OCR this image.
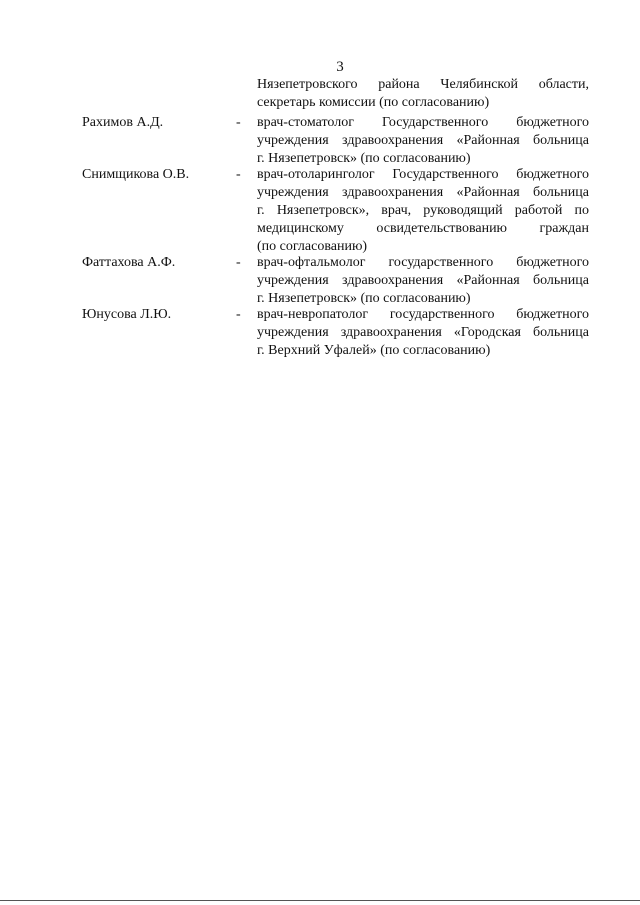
3
Нязепетровского района Челябинской области,
секретарь комиссии (по согласованию)
Рахимов А.Д.	- врач-стоматолог Государственного бюджетного
учреждения здравоохранения «Районная больница
г. Нязепетровск» (по согласованию)
Снимщикова О.В.	- врач-отоларинголог Государственного бюджетного
учреждения здравоохранения «Районная больница
г. Нязепетровск», врач, руководящий работой по
медицинскому освидетельствованию граждан
(по согласованию)
Фаттахова А.Ф.	- врач-офтальмолог государственного бюджетного
учреждения здравоохранения «Районная больница
г. Нязепетровск» (по согласованию)
Юнусова Л.Ю.	- врач-невропатолог государственного бюджетного
учреждения здравоохранения «Городская больница
г. Верхний Уфалей» (по согласованию)
